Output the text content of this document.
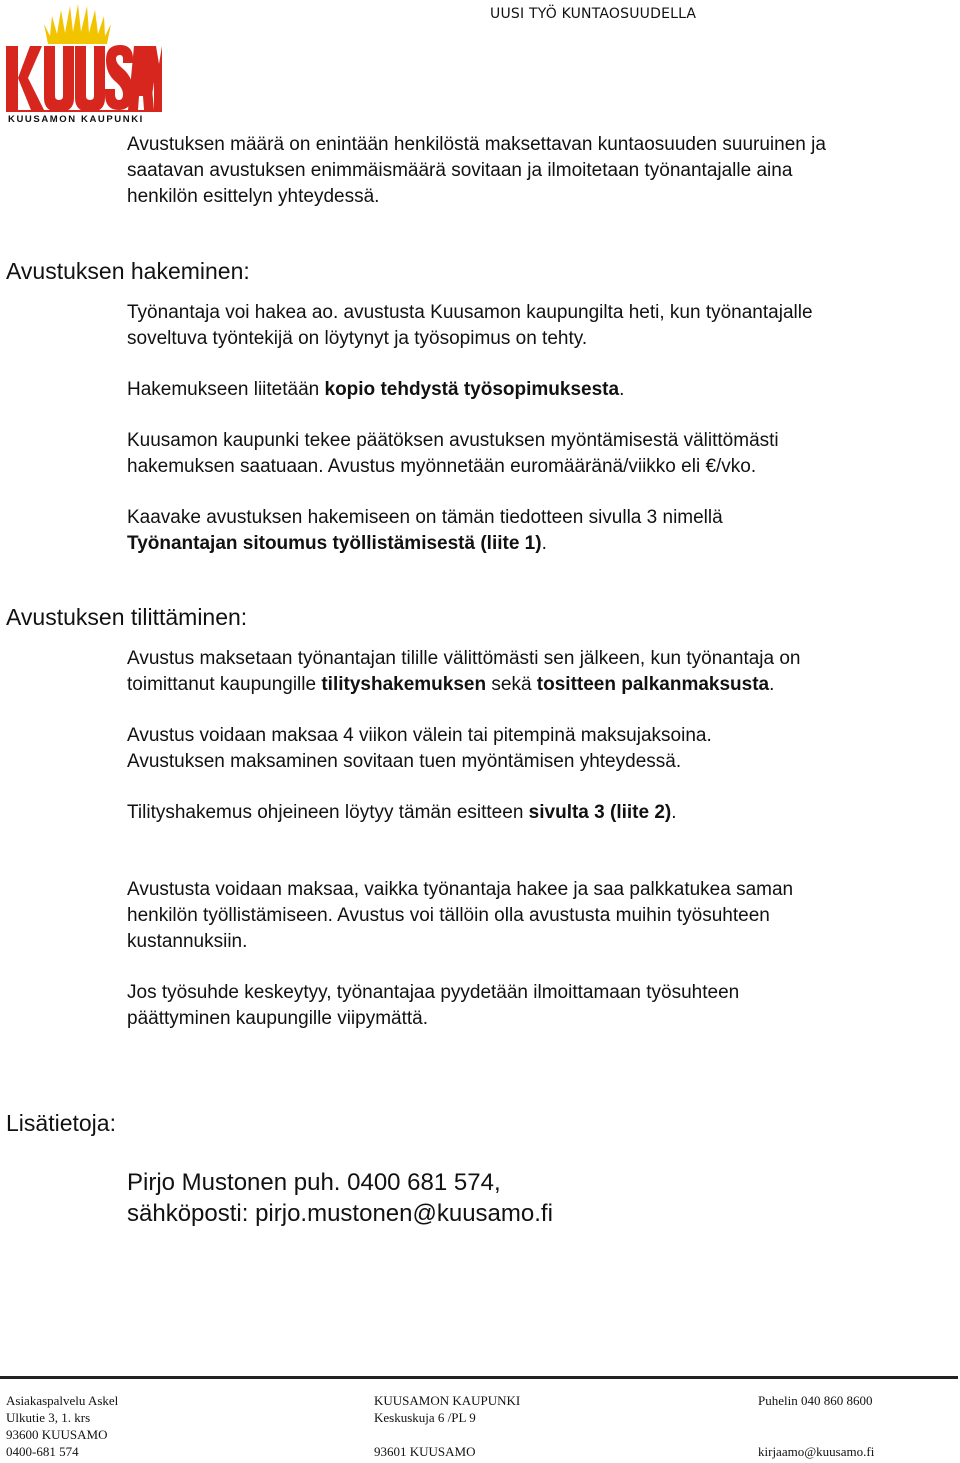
KUUSAMON KAUPUNKI
UUSI TYÖ KUNTAOSUUDELLA

Avustuksen määrä on enintään henkilöstä maksettavan kuntaosuuden suuruinen ja

saatavan avustuksen enimmäismäärä sovitaan ja ilmoitetaan työnantajalle aina

henkilön esittelyn yhteydessä.

Avustuksen hakeminen:

Työnantaja voi hakea ao. avustusta Kuusamon kaupungilta heti, kun työnantajalle

soveltuva työntekijä on löytynyt ja työsopimus on tehty.

Hakemukseen liitetään kopio tehdystä työsopimuksesta.

Kuusamon kaupunki tekee päätöksen avustuksen myöntämisestä välittömästi

hakemuksen saatuaan. Avustus myönnetään euromääränä/viikko eli €/vko.

Kaavake avustuksen hakemiseen on tämän tiedotteen sivulla 3 nimellä

Työnantajan sitoumus työllistämisestä (liite 1).

Avustuksen tilittäminen:

Avustus maksetaan työnantajan tilille välittömästi sen jälkeen, kun työnantaja on

toimittanut kaupungille tilityshakemuksen sekä tositteen palkanmaksusta.

Avustus voidaan maksaa 4 viikon välein tai pitempinä maksujaksoina.

Avustuksen maksaminen sovitaan tuen myöntämisen yhteydessä.

Tilityshakemus ohjeineen löytyy tämän esitteen sivulta 3 (liite 2).

Avustusta voidaan maksaa, vaikka työnantaja hakee ja saa palkkatukea saman

henkilön työllistämiseen. Avustus voi tällöin olla avustusta muihin työsuhteen

kustannuksiin.

Jos työsuhde keskeytyy, työnantajaa pyydetään ilmoittamaan työsuhteen

päättyminen kaupungille viipymättä.

Lisätietoja:

Pirjo Mustonen puh. 0400 681 574,

sähköposti: pirjo.mustonen@kuusamo.fi

Asiakaspalvelu Askel
Ulkutie 3, 1. krs
93600 KUUSAMO
0400-681 574
KUUSAMON KAUPUNKI
Keskuskuja 6 /PL 9
93601 KUUSAMO
Puhelin 040 860 8600
kirjaamo@kuusamo.fi
